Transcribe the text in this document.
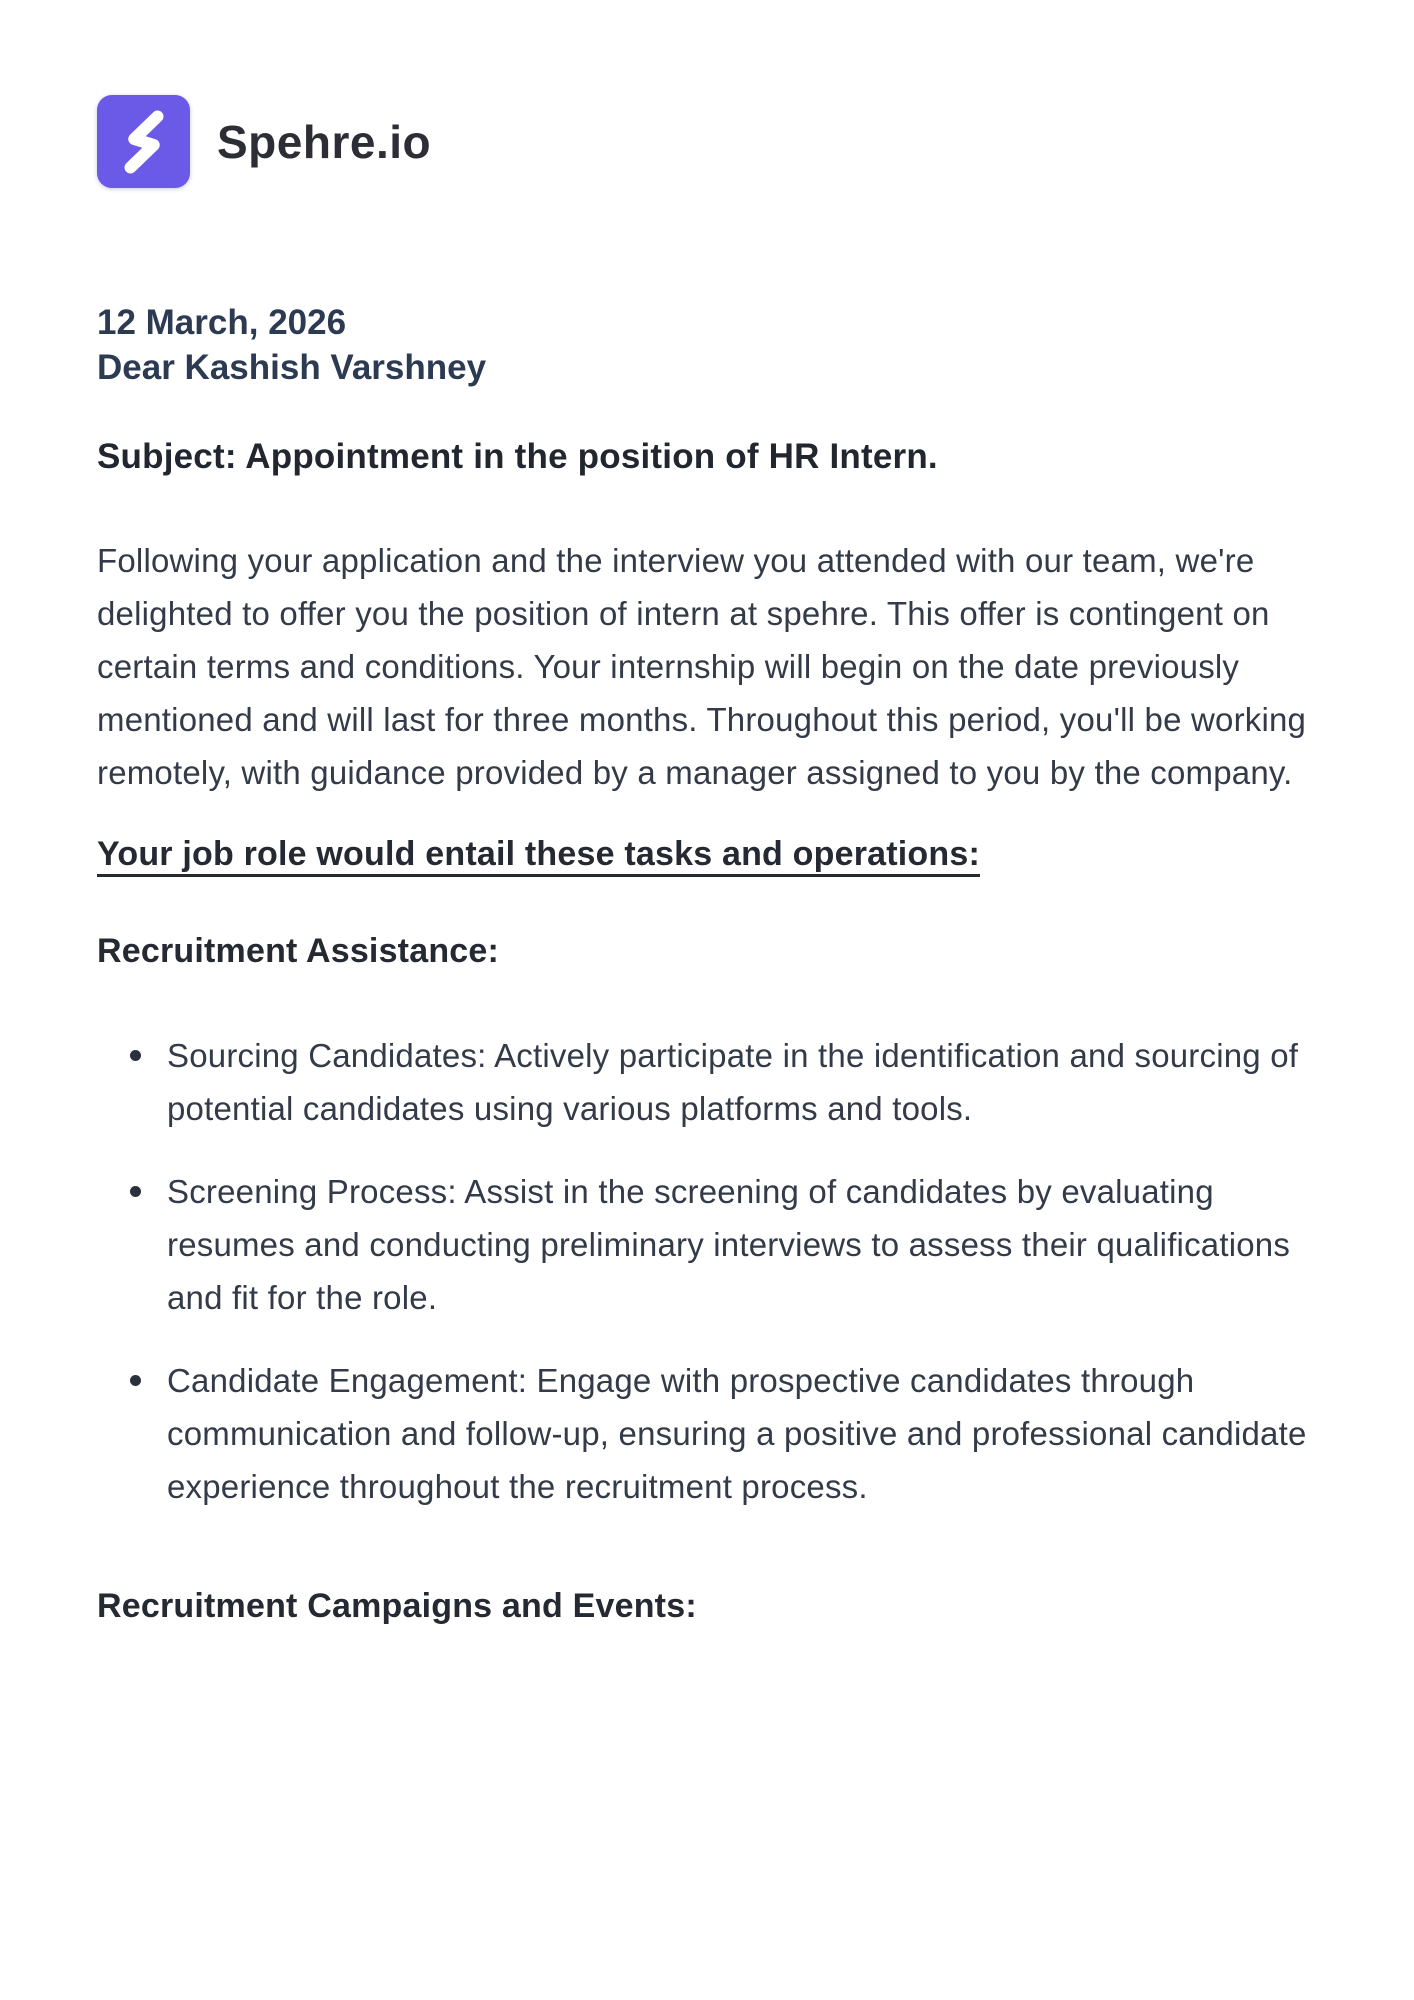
Spehre.io
12 March, 2026
Dear Kashish Varshney
Subject: Appointment in the position of HR Intern.

Following your application and the interview you attended with our team, we're delighted to offer you the position of intern at spehre. This offer is contingent on certain terms and conditions. Your internship will begin on the date previously mentioned and will last for three months. Throughout this period, you'll be working remotely, with guidance provided by a manager assigned to you by the company.

Your job role would entail these tasks and operations:
Recruitment Assistance:
Sourcing Candidates: Actively participate in the identification and sourcing of potential candidates using various platforms and tools.
Screening Process: Assist in the screening of candidates by evaluating resumes and conducting preliminary interviews to assess their qualifications and fit for the role.
Candidate Engagement: Engage with prospective candidates through communication and follow-up, ensuring a positive and professional candidate experience throughout the recruitment process.
Recruitment Campaigns and Events:
